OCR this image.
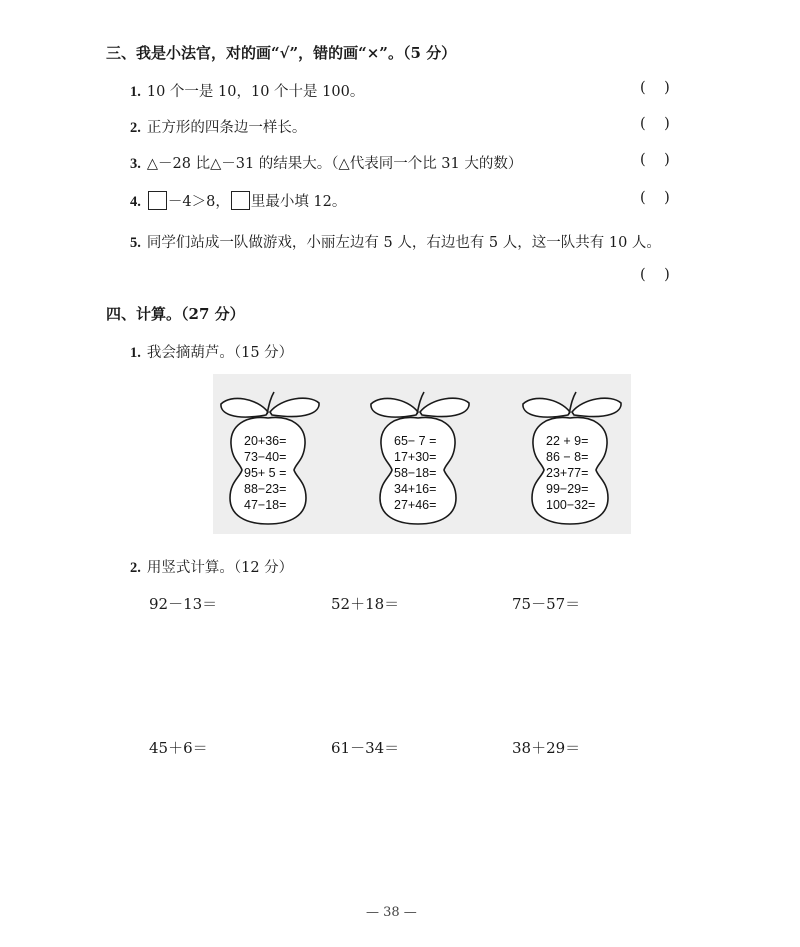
三、我是小法官，对的画“√”，错的画“×”。（5 分）
1. 10 个一是 10，10 个十是 100。	(    )
2. 正方形的四条边一样长。	(    )
3. △－28 比△－31 的结果大。（△代表同一个比 31 大的数）	(    )
4. －4＞8， 里最小填 12。	(    )
5. 同学们站成一队做游戏，小丽左边有 5 人，右边也有 5 人，这一队共有 10 人。
(    )
四、计算。（27 分）
1. 我会摘葫芦。（15 分）
20+36=
73−40=
95+ 5 =
88−23=
47−18=
65− 7 =
17+30=
58−18=
34+16=
27+46=
22 + 9=
86 − 8=
23+77=
99−29=
100−32=
2. 用竖式计算。（12 分）
92－13＝	52＋18＝	75－57＝
45＋6＝	61－34＝	38＋29＝
— 38 —
